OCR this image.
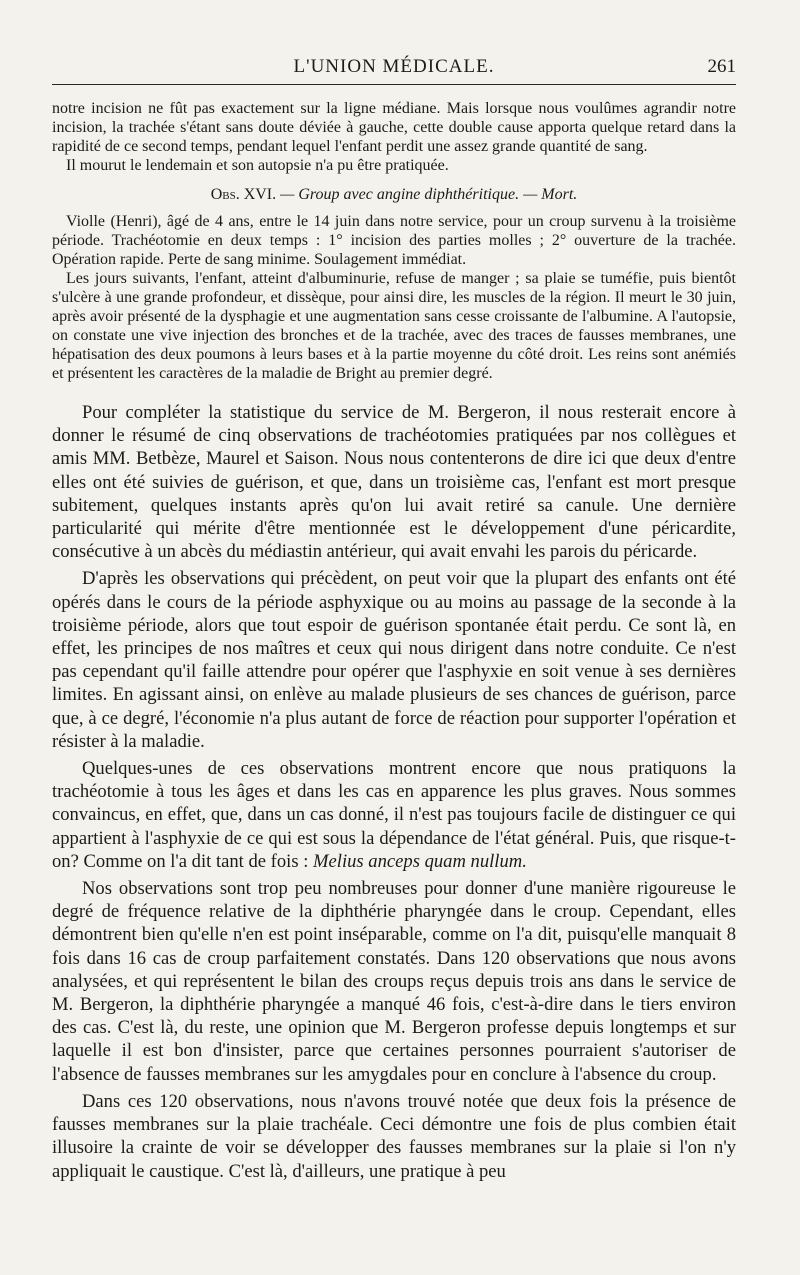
L'UNION MÉDICALE.	261

notre incision ne fût pas exactement sur la ligne médiane. Mais lorsque nous voulûmes agrandir notre incision, la trachée s'étant sans doute déviée à gauche, cette double cause apporta quelque retard dans la rapidité de ce second temps, pendant lequel l'enfant perdit une assez grande quantité de sang.

Il mourut le lendemain et son autopsie n'a pu être pratiquée.

Obs. XVI. — Group avec angine diphthéritique. — Mort.

Violle (Henri), âgé de 4 ans, entre le 14 juin dans notre service, pour un croup survenu à la troisième période. Trachéotomie en deux temps : 1° incision des parties molles ; 2° ouverture de la trachée. Opération rapide. Perte de sang minime. Soulagement immédiat.

Les jours suivants, l'enfant, atteint d'albuminurie, refuse de manger ; sa plaie se tuméfie, puis bientôt s'ulcère à une grande profondeur, et dissèque, pour ainsi dire, les muscles de la région. Il meurt le 30 juin, après avoir présenté de la dysphagie et une augmentation sans cesse croissante de l'albumine. A l'autopsie, on constate une vive injection des bronches et de la trachée, avec des traces de fausses membranes, une hépatisation des deux poumons à leurs bases et à la partie moyenne du côté droit. Les reins sont anémiés et présentent les caractères de la maladie de Bright au premier degré.

Pour compléter la statistique du service de M. Bergeron, il nous resterait encore à donner le résumé de cinq observations de trachéotomies pratiquées par nos collègues et amis MM. Betbèze, Maurel et Saison. Nous nous contenterons de dire ici que deux d'entre elles ont été suivies de guérison, et que, dans un troisième cas, l'enfant est mort presque subitement, quelques instants après qu'on lui avait retiré sa canule. Une dernière particularité qui mérite d'être mentionnée est le développement d'une péricardite, consécutive à un abcès du médiastin antérieur, qui avait envahi les parois du péricarde.

D'après les observations qui précèdent, on peut voir que la plupart des enfants ont été opérés dans le cours de la période asphyxique ou au moins au passage de la seconde à la troisième période, alors que tout espoir de guérison spontanée était perdu. Ce sont là, en effet, les principes de nos maîtres et ceux qui nous dirigent dans notre conduite. Ce n'est pas cependant qu'il faille attendre pour opérer que l'asphyxie en soit venue à ses dernières limites. En agissant ainsi, on enlève au malade plusieurs de ses chances de guérison, parce que, à ce degré, l'économie n'a plus autant de force de réaction pour supporter l'opération et résister à la maladie.

Quelques-unes de ces observations montrent encore que nous pratiquons la trachéotomie à tous les âges et dans les cas en apparence les plus graves. Nous sommes convaincus, en effet, que, dans un cas donné, il n'est pas toujours facile de distinguer ce qui appartient à l'asphyxie de ce qui est sous la dépendance de l'état général. Puis, que risque-t-on? Comme on l'a dit tant de fois : Melius anceps quam nullum.

Nos observations sont trop peu nombreuses pour donner d'une manière rigoureuse le degré de fréquence relative de la diphthérie pharyngée dans le croup. Cependant, elles démontrent bien qu'elle n'en est point inséparable, comme on l'a dit, puisqu'elle manquait 8 fois dans 16 cas de croup parfaitement constatés. Dans 120 observations que nous avons analysées, et qui représentent le bilan des croups reçus depuis trois ans dans le service de M. Bergeron, la diphthérie pharyngée a manqué 46 fois, c'est-à-dire dans le tiers environ des cas. C'est là, du reste, une opinion que M. Bergeron professe depuis longtemps et sur laquelle il est bon d'insister, parce que certaines personnes pourraient s'autoriser de l'absence de fausses membranes sur les amygdales pour en conclure à l'absence du croup.

Dans ces 120 observations, nous n'avons trouvé notée que deux fois la présence de fausses membranes sur la plaie trachéale. Ceci démontre une fois de plus combien était illusoire la crainte de voir se développer des fausses membranes sur la plaie si l'on n'y appliquait le caustique. C'est là, d'ailleurs, une pratique à peu
